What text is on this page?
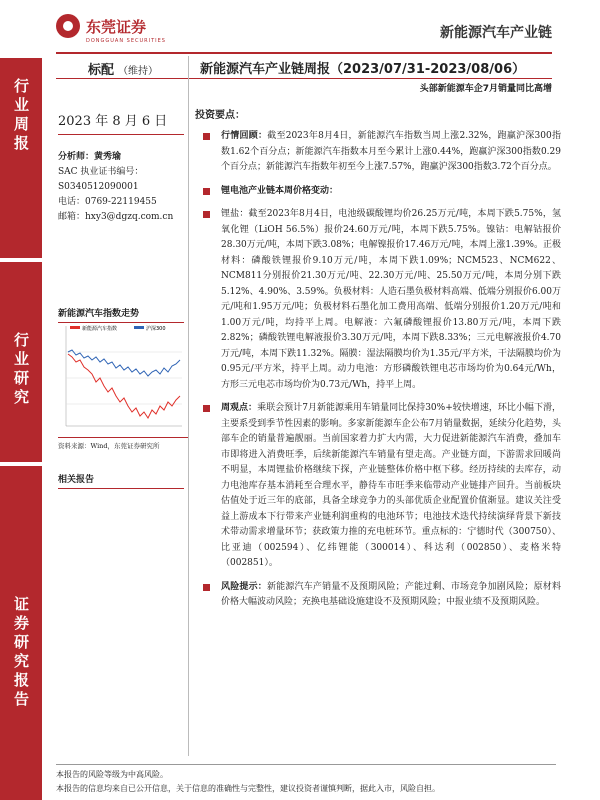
行业周报
行业研究
证券研究报告
东莞证券
DONGGUAN SECURITIES	新能源汽车产业链
标配 （维持）	新能源汽车产业链周报（2023/07/31-2023/08/06）
头部新能源车企7月销量同比高增
2023 年 8 月 6 日
分析师：黄秀瑜
SAC 执业证书编号：
S0340512090001
电话：0769-22119455
邮箱：hxy3@dgzq.com.cn
新能源汽车指数走势
新能源汽车指数	沪深300
资料来源：Wind，东莞证券研究所
相关报告
投资要点：
行情回顾：截至2023年8月4日，新能源汽车指数当周上涨2.32%，跑赢沪深300指数1.62个百分点；新能源汽车指数本月至今累计上涨0.44%，跑赢沪深300指数0.29个百分点；新能源汽车指数年初至今上涨7.57%，跑赢沪深300指数3.72个百分点。
锂电池产业链本周价格变动：
锂盐：截至2023年8月4日，电池级碳酸锂均价26.25万元/吨，本周下跌5.75%，氢氧化锂（LiOH 56.5%）报价24.60万元/吨，本周下跌5.75%。镍钴：电解钴报价28.30万元/吨，本周下跌3.08%；电解镍报价17.46万元/吨，本周上涨1.39%。正极材料：磷酸铁锂报价9.10万元/吨，本周下跌1.09%；NCM523、NCM622、NCM811分别报价21.30万元/吨、22.30万元/吨、25.50万元/吨，本周分别下跌5.12%、4.90%、3.59%。负极材料：人造石墨负极材料高端、低端分别报价6.00万元/吨和1.95万元/吨；负极材料石墨化加工费用高端、低端分别报价1.20万元/吨和1.00万元/吨，均持平上周。电解液：六氟磷酸锂报价13.80万元/吨，本周下跌2.82%；磷酸铁锂电解液报价3.30万元/吨，本周下跌8.33%；三元电解液报价4.70万元/吨，本周下跌11.32%。隔膜：湿法隔膜均价为1.35元/平方米，干法隔膜均价为0.95元/平方米，持平上周。动力电池：方形磷酸铁锂电芯市场均价为0.64元/Wh，方形三元电芯市场均价为0.73元/Wh，持平上周。
周观点：乘联会预计7月新能源乘用车销量同比保持30%+较快增速，环比小幅下滑，主要系受到季节性因素的影响。多家新能源车企公布7月销量数据，延续分化趋势，头部车企的销量普遍靓丽。当前国家着力扩大内需，大力促进新能源汽车消费，叠加车市即将进入消费旺季，后续新能源汽车销量有望走高。产业链方面，下游需求回暖尚不明显，本周锂盐价格继续下探，产业链整体价格中枢下移。经历持续的去库存，动力电池库存基本消耗至合理水平，静待车市旺季来临带动产业链排产回升。当前板块估值处于近三年的底部，具备全球竞争力的头部优质企业配置价值渐显。建议关注受益上游成本下行带来产业链利润重构的电池环节；电池技术迭代持续演绎背景下新技术带动需求增量环节；获政策力推的充电桩环节。重点标的：宁德时代（300750）、比亚迪（002594）、亿纬锂能（300014）、科达利（002850）、麦格米特（002851）。
风险提示：新能源汽车产销量不及预期风险；产能过剩、市场竞争加剧风险；原材料价格大幅波动风险；充换电基础设施建设不及预期风险；中报业绩不及预期风险。
本报告的风险等级为中高风险。
本报告的信息均来自已公开信息，关于信息的准确性与完整性，建议投资者谨慎判断，据此入市，风险自担。
